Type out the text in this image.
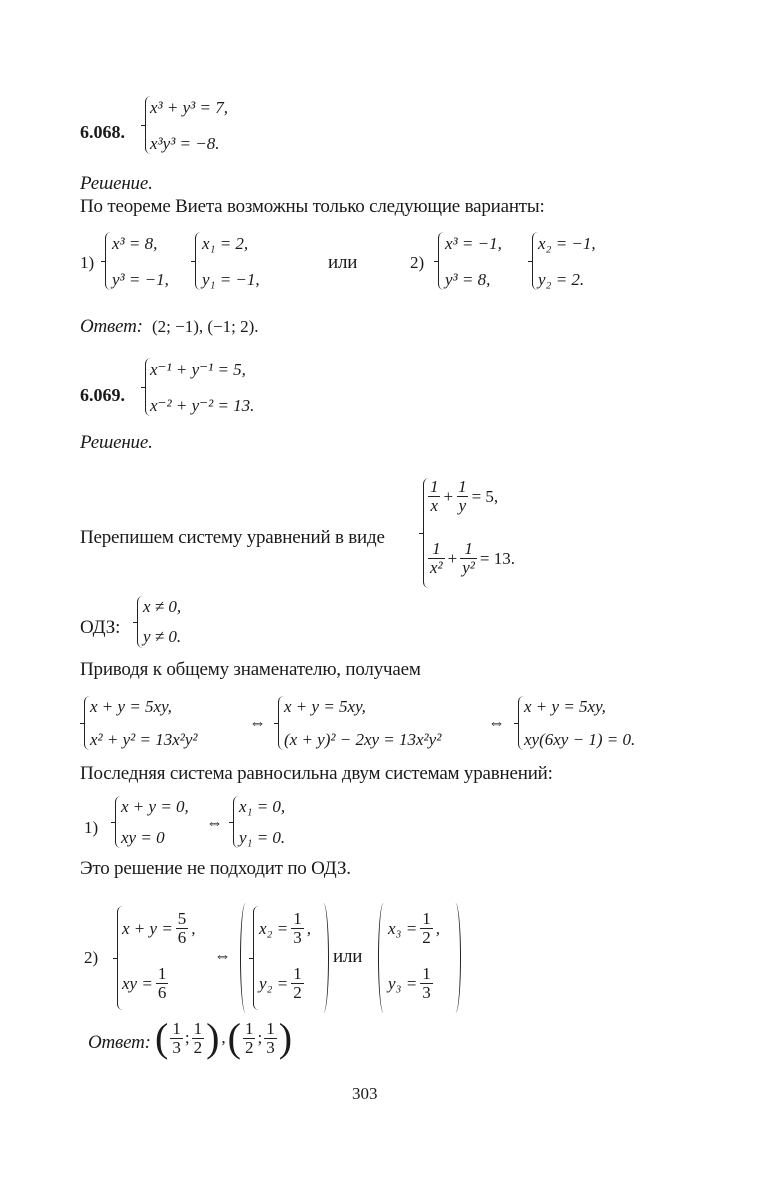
6.068.
x³ + y³ = 7,
x³y³ = −8.
Решение.
По теореме Виета возможны только следующие варианты:
1)
x³ = 8,
y³ = −1,
x₁ = 2,
y₁ = −1,
или	2)
x³ = −1,
y³ = 8,
x₂ = −1,
y₂ = 2.
Ответ: (2; −1), (−1; 2).
6.069.
x⁻¹ + y⁻¹ = 5,
x⁻² + y⁻² = 13.
Решение.
Перепишем систему уравнений в виде
$\frac{1}{x} + \frac{1}{y} = 5$,
$\frac{1}{\text{x²}} + \frac{1}{\text{y²}} = 13$.
ОДЗ:
x ≠ 0,
y ≠ 0.
Приводя к общему знаменателю, получаем
x + y = 5xy,
x² + y² = 13x²y²
⇔
x + y = 5xy,
(x + y)² − 2xy = 13x²y²
⇔
x + y = 5xy,
xy(6xy − 1) = 0.
Последняя система равносильна двум системам уравнений:
1)
x + y = 0,
xy = 0
⇔
x₁ = 0,
y₁ = 0.
Это решение не подходит по ОДЗ.
2)
$x + y = \frac{5}{6}$ ,
xy = $\frac{1}{6}$
⇔
$x_2 = \frac{1}{3}$ ,
$y_2 = \frac{1}{2}$
или
$x_3 = \frac{1}{2}$ ,
$y_3 = \frac{1}{3}$
Ответ: ( $\frac{1}{3}$ ; $\frac{1}{2}$ ) , ( $\frac{1}{2}$ ; $\frac{1}{3}$ )
303
